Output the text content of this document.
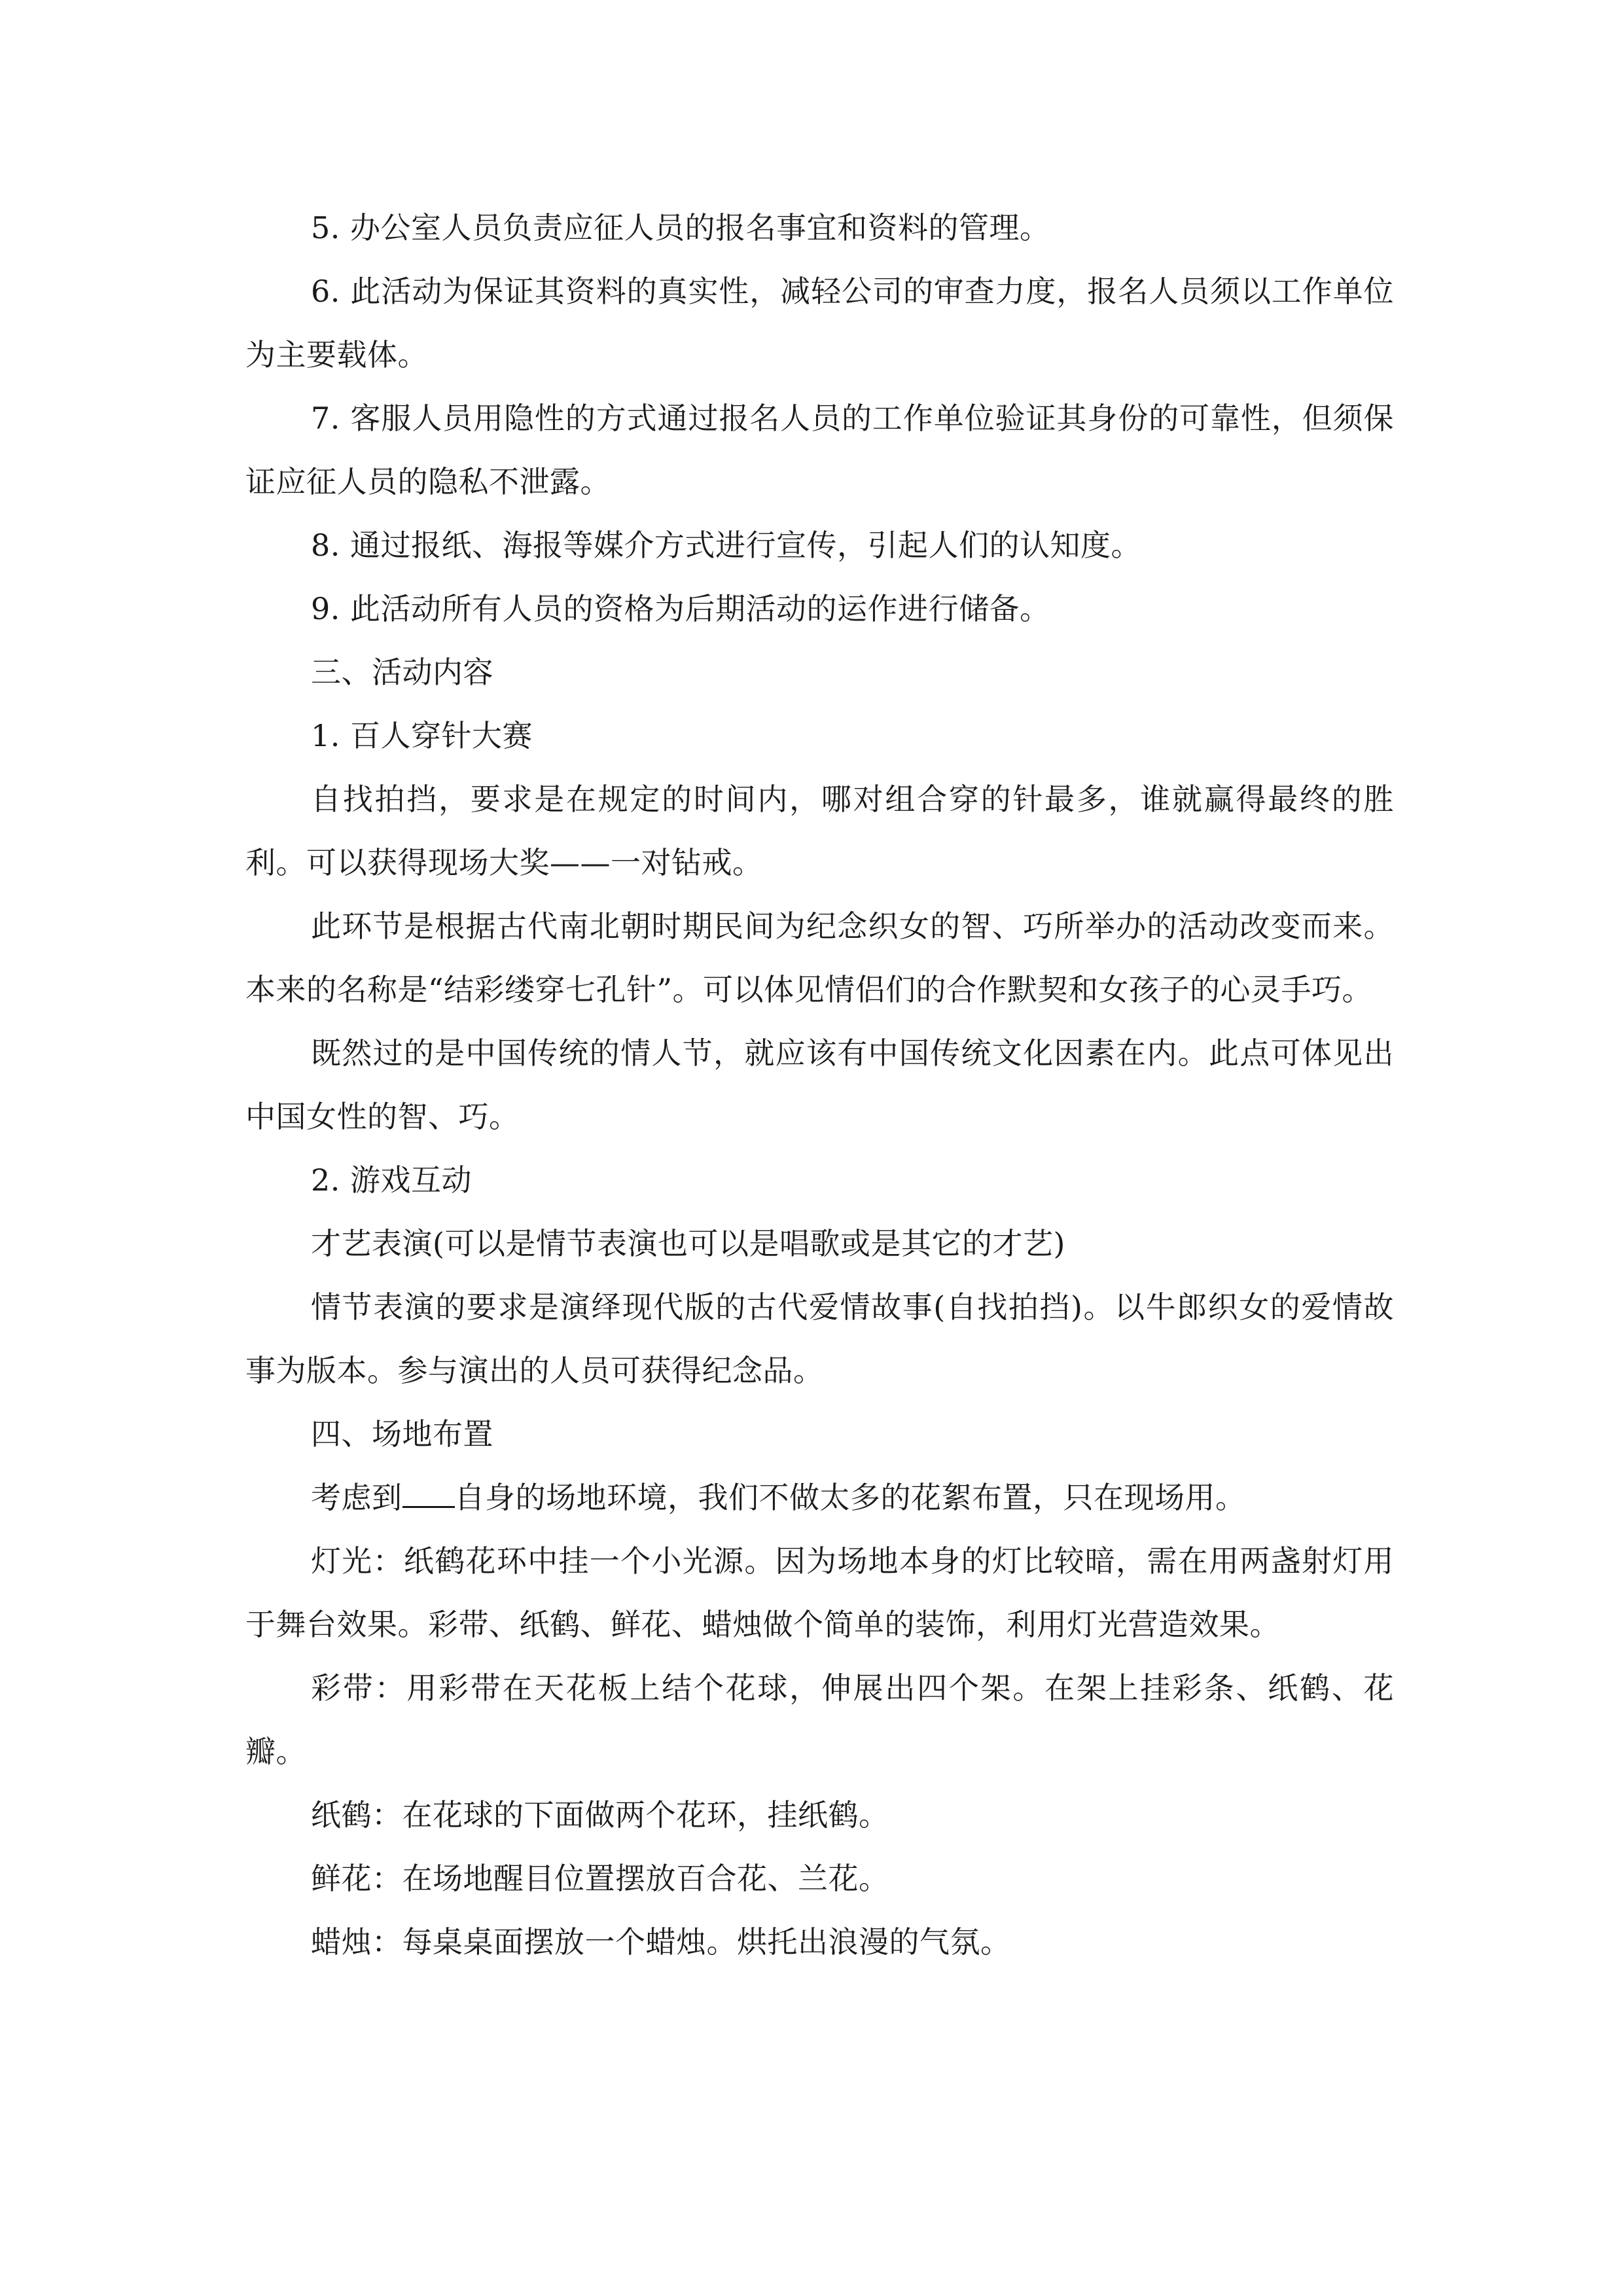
5. 办公室人员负责应征人员的报名事宜和资料的管理。

6. 此活动为保证其资料的真实性，减轻公司的审查力度，报名人员须以工作单位为主要载体。

7. 客服人员用隐性的方式通过报名人员的工作单位验证其身份的可靠性，但须保证应征人员的隐私不泄露。

8. 通过报纸、海报等媒介方式进行宣传，引起人们的认知度。

9. 此活动所有人员的资格为后期活动的运作进行储备。

三、活动内容

1. 百人穿针大赛

自找拍挡，要求是在规定的时间内，哪对组合穿的针最多，谁就赢得最终的胜利。可以获得现场大奖——一对钻戒。

此环节是根据古代南北朝时期民间为纪念织女的智、巧所举办的活动改变而来。本来的名称是“结彩缕穿七孔针”。可以体见情侣们的合作默契和女孩子的心灵手巧。

既然过的是中国传统的情人节，就应该有中国传统文化因素在内。此点可体见出中国女性的智、巧。

2. 游戏互动

才艺表演(可以是情节表演也可以是唱歌或是其它的才艺)

情节表演的要求是演绎现代版的古代爱情故事(自找拍挡)。以牛郎织女的爱情故事为版本。参与演出的人员可获得纪念品。

四、场地布置

考虑到 自身的场地环境，我们不做太多的花絮布置，只在现场用。

灯光：纸鹤花环中挂一个小光源。因为场地本身的灯比较暗，需在用两盏射灯用于舞台效果。彩带、纸鹤、鲜花、蜡烛做个简单的装饰，利用灯光营造效果。

彩带：用彩带在天花板上结个花球，伸展出四个架。在架上挂彩条、纸鹤、花瓣。

纸鹤：在花球的下面做两个花环，挂纸鹤。

鲜花：在场地醒目位置摆放百合花、兰花。

蜡烛：每桌桌面摆放一个蜡烛。烘托出浪漫的气氛。
